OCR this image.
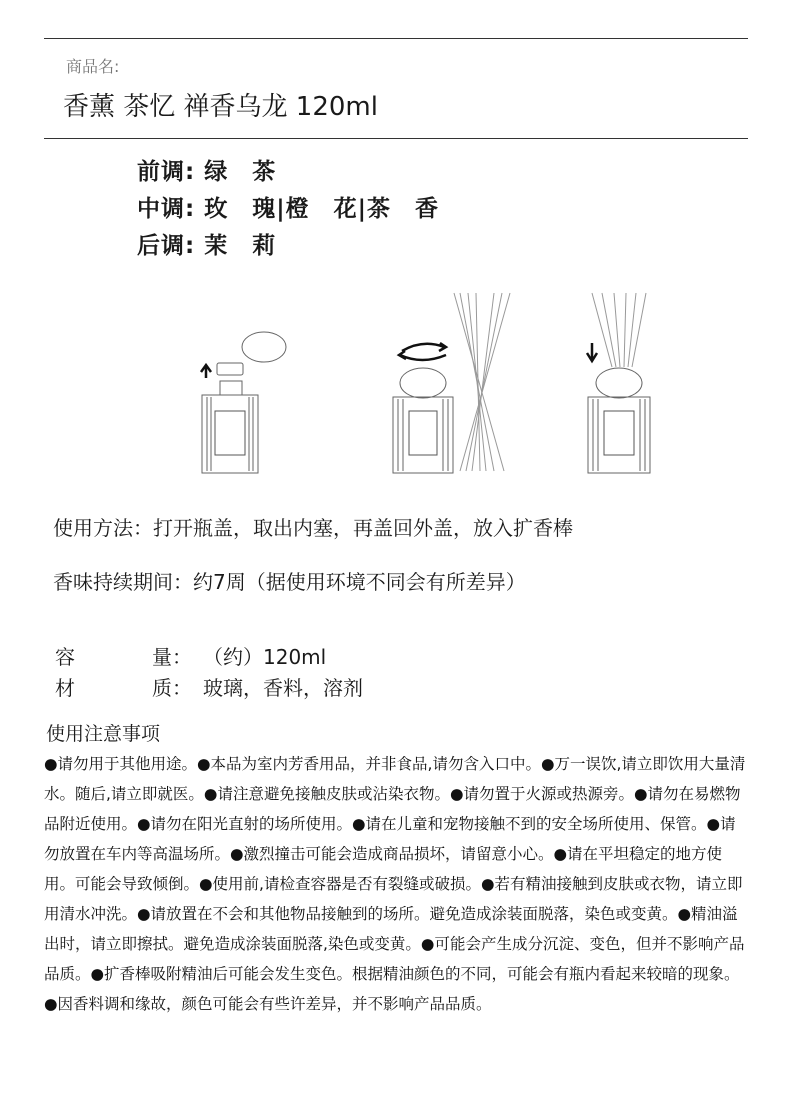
商品名:
香薰 茶忆 禅香乌龙 120ml
前调: 绿　茶
中调: 玫　瑰|橙　花|茶　香
后调: 茉　莉
使用方法：打开瓶盖，取出内塞，再盖回外盖，放入扩香棒
香味持续期间：约7周（据使用环境不同会有所差异）
容	量： （约）120ml
材	质： 玻璃，香料，溶剂
使用注意事项
●请勿用于其他用途。●本品为室内芳香用品，并非食品,请勿含入口中。●万一误饮,请立即饮用大量清水。随后,请立即就医。●请注意避免接触皮肤或沾染衣物。●请勿置于火源或热源旁。●请勿在易燃物品附近使用。●请勿在阳光直射的场所使用。●请在儿童和宠物接触不到的安全场所使用、保管。●请勿放置在车内等高温场所。●激烈撞击可能会造成商品损坏，请留意小心。●请在平坦稳定的地方使用。可能会导致倾倒。●使用前,请检查容器是否有裂缝或破损。●若有精油接触到皮肤或衣物，请立即用清水冲洗。●请放置在不会和其他物品接触到的场所。避免造成涂装面脱落，染色或变黄。●精油溢出时，请立即擦拭。避免造成涂装面脱落,染色或变黄。●可能会产生成分沉淀、变色，但并不影响产品品质。●扩香棒吸附精油后可能会发生变色。根据精油颜色的不同，可能会有瓶内看起来较暗的现象。●因香料调和缘故，颜色可能会有些许差异，并不影响产品品质。
